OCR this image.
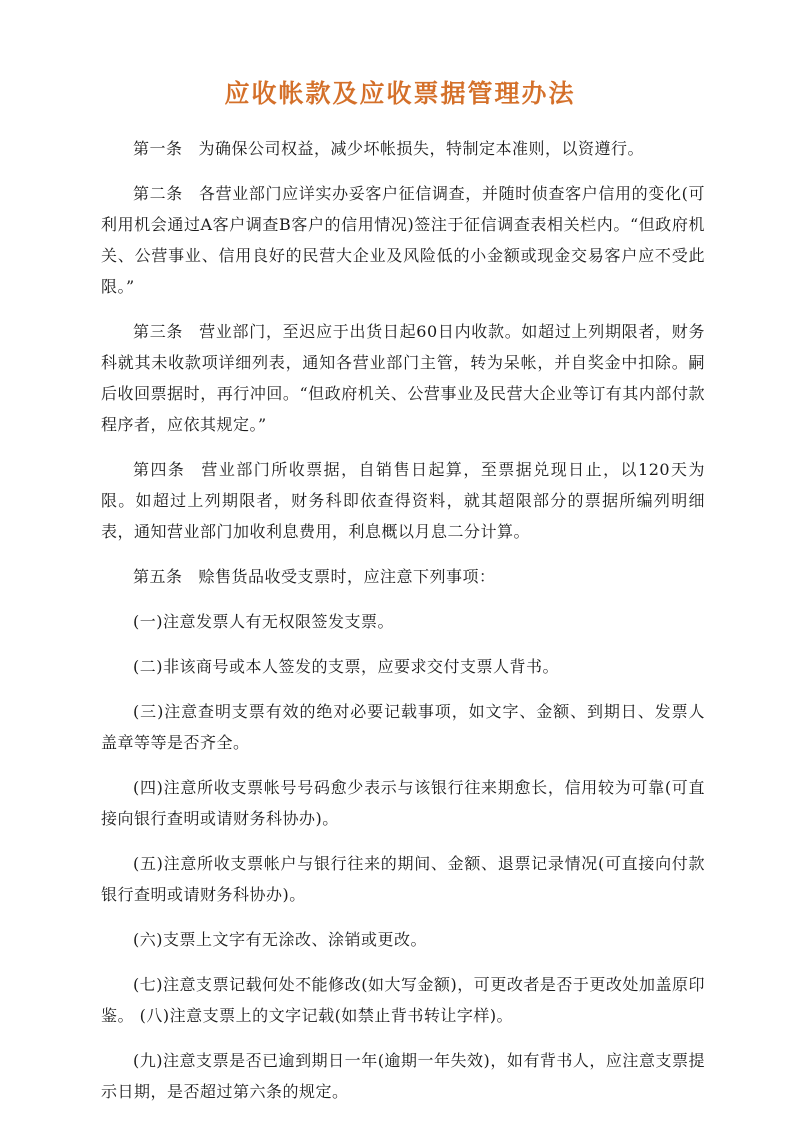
应收帐款及应收票据管理办法

第一条 为确保公司权益，减少坏帐损失，特制定本准则，以资遵行。

第二条 各营业部门应详实办妥客户征信调查，并随时侦查客户信用的变化(可利用机会通过A客户调查B客户的信用情况)签注于征信调查表相关栏内。“但政府机关、公营事业、信用良好的民营大企业及风险低的小金额或现金交易客户应不受此限。”

第三条 营业部门，至迟应于出货日起60日内收款。如超过上列期限者，财务科就其未收款项详细列表，通知各营业部门主管，转为呆帐，并自奖金中扣除。嗣后收回票据时，再行冲回。“但政府机关、公营事业及民营大企业等订有其内部付款程序者，应依其规定。”

第四条 营业部门所收票据，自销售日起算，至票据兑现日止，以120天为限。如超过上列期限者，财务科即依查得资料，就其超限部分的票据所编列明细表，通知营业部门加收利息费用，利息概以月息二分计算。

第五条 赊售货品收受支票时，应注意下列事项：

(一)注意发票人有无权限签发支票。

(二)非该商号或本人签发的支票，应要求交付支票人背书。

(三)注意查明支票有效的绝对必要记载事项，如文字、金额、到期日、发票人盖章等等是否齐全。

(四)注意所收支票帐号号码愈少表示与该银行往来期愈长，信用较为可靠(可直接向银行查明或请财务科协办)。

(五)注意所收支票帐户与银行往来的期间、金额、退票记录情况(可直接向付款银行查明或请财务科协办)。

(六)支票上文字有无涂改、涂销或更改。

(七)注意支票记载何处不能修改(如大写金额)，可更改者是否于更改处加盖原印鉴。 (八)注意支票上的文字记载(如禁止背书转让字样)。

(九)注意支票是否已逾到期日一年(逾期一年失效)，如有背书人，应注意支票提示日期，是否超过第六条的规定。
